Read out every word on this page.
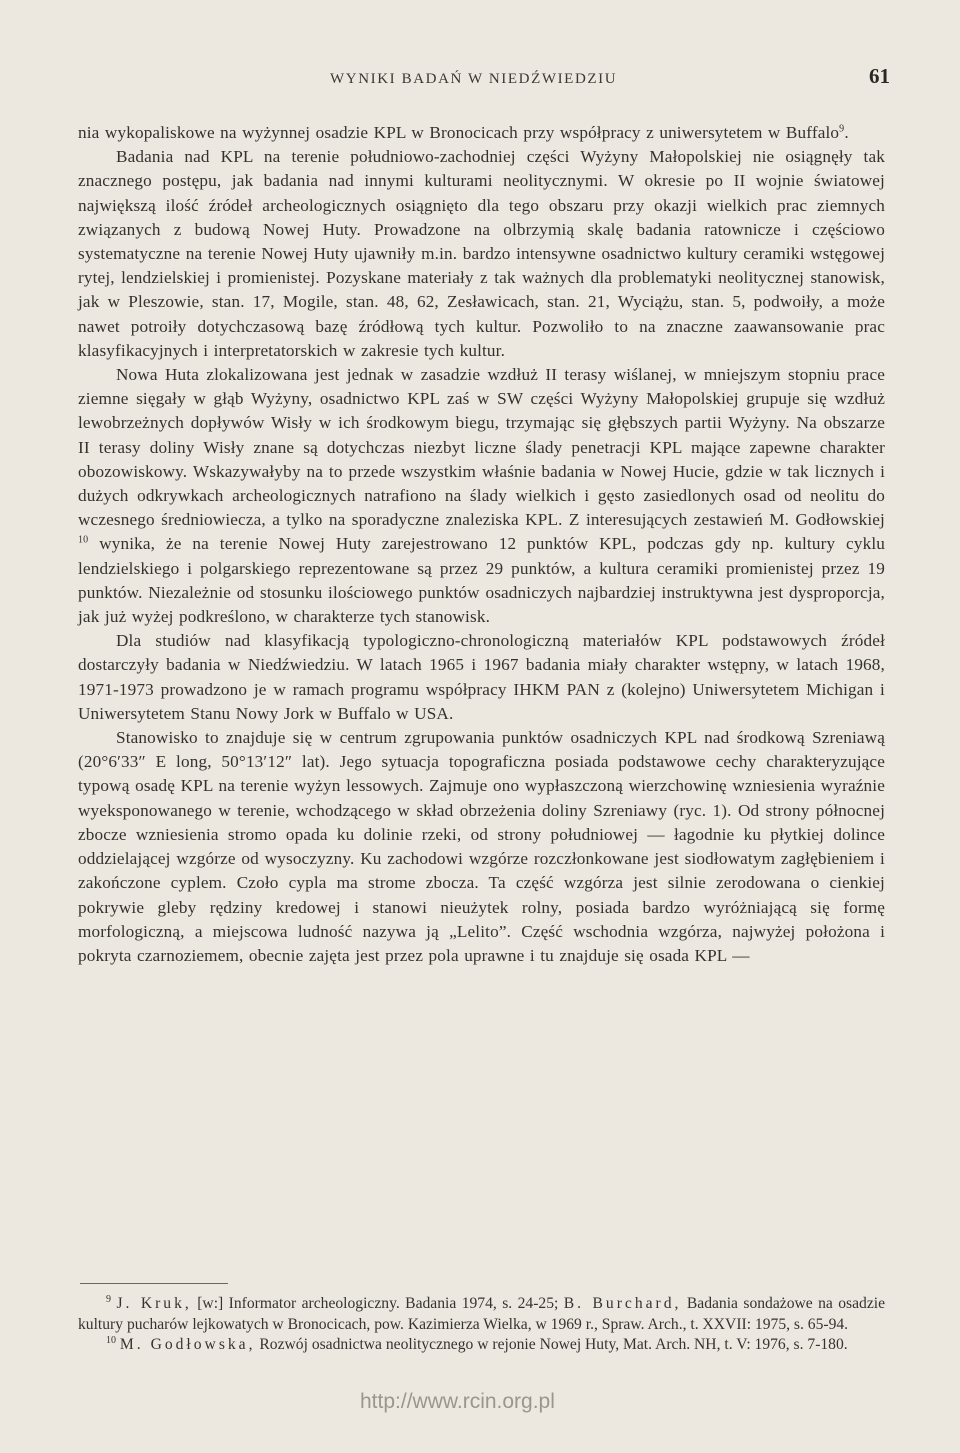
WYNIKI BADAŃ W NIEDŹWIEDZIU	61

nia wykopaliskowe na wyżynnej osadzie KPL w Bronocicach przy współpracy z uniwersytetem w Buffalo$^9$.

Badania nad KPL na terenie południowo-zachodniej części Wyżyny Małopolskiej nie osiągnęły tak znacznego postępu, jak badania nad innymi kulturami neolitycznymi. W okresie po II wojnie światowej największą ilość źródeł archeologicznych osiągnięto dla tego obszaru przy okazji wielkich prac ziemnych związanych z budową Nowej Huty. Prowadzone na olbrzymią skalę badania ratownicze i częściowo systematyczne na terenie Nowej Huty ujawniły m.in. bardzo intensywne osadnictwo kultury ceramiki wstęgowej rytej, lendzielskiej i promienistej. Pozyskane materiały z tak ważnych dla problematyki neolitycznej stanowisk, jak w Pleszowie, stan. 17, Mogile, stan. 48, 62, Zesławicach, stan. 21, Wyciążu, stan. 5, podwoiły, a może nawet potroiły dotychczasową bazę źródłową tych kultur. Pozwoliło to na znaczne zaawansowanie prac klasyfikacyjnych i interpretatorskich w zakresie tych kultur.

Nowa Huta zlokalizowana jest jednak w zasadzie wzdłuż II terasy wiślanej, w mniejszym stopniu prace ziemne sięgały w głąb Wyżyny, osadnictwo KPL zaś w SW części Wyżyny Małopolskiej grupuje się wzdłuż lewobrzeżnych dopływów Wisły w ich środkowym biegu, trzymając się głębszych partii Wyżyny. Na obszarze II terasy doliny Wisły znane są dotychczas niezbyt liczne ślady penetracji KPL mające zapewne charakter obozowiskowy. Wskazywałyby na to przede wszystkim właśnie badania w Nowej Hucie, gdzie w tak licznych i dużych odkrywkach archeologicznych natrafiono na ślady wielkich i gęsto zasiedlonych osad od neolitu do wczesnego średniowiecza, a tylko na sporadyczne znaleziska KPL. Z interesujących zestawień M. Godłowskiej $^{10}$ wynika, że na terenie Nowej Huty zarejestrowano 12 punktów KPL, podczas gdy np. kultury cyklu lendzielskiego i polgarskiego reprezentowane są przez 29 punktów, a kultura ceramiki promienistej przez 19 punktów. Niezależnie od stosunku ilościowego punktów osadniczych najbardziej instruktywna jest dysproporcja, jak już wyżej podkreślono, w charakterze tych stanowisk.

Dla studiów nad klasyfikacją typologiczno-chronologiczną materiałów KPL podstawowych źródeł dostarczyły badania w Niedźwiedziu. W latach 1965 i 1967 badania miały charakter wstępny, w latach 1968, 1971-1973 prowadzono je w ramach programu współpracy IHKM PAN z (kolejno) Uniwersytetem Michigan i Uniwersytetem Stanu Nowy Jork w Buffalo w USA.

Stanowisko to znajduje się w centrum zgrupowania punktów osadniczych KPL nad środkową Szreniawą (20°6′33″ E long, 50°13′12″ lat). Jego sytuacja topograficzna posiada podstawowe cechy charakteryzujące typową osadę KPL na terenie wyżyn lessowych. Zajmuje ono wypłaszczoną wierzchowinę wzniesienia wyraźnie wyeksponowanego w terenie, wchodzącego w skład obrzeżenia doliny Szreniawy (ryc. 1). Od strony północnej zbocze wzniesienia stromo opada ku dolinie rzeki, od strony południowej — łagodnie ku płytkiej dolince oddzielającej wzgórze od wysoczyzny. Ku zachodowi wzgórze rozczłonkowane jest siodłowatym zagłębieniem i zakończone cyplem. Czoło cypla ma strome zbocza. Ta część wzgórza jest silnie zerodowana o cienkiej pokrywie gleby rędziny kredowej i stanowi nieużytek rolny, posiada bardzo wyróżniającą się formę morfologiczną, a miejscowa ludność nazywa ją „Lelito”. Część wschodnia wzgórza, najwyżej położona i pokryta czarnoziemem, obecnie zajęta jest przez pola uprawne i tu znajduje się osada KPL —

$^9$ J. Kruk, [w:] Informator archeologiczny. Badania 1974, s. 24-25; B. Burchard, Badania sondażowe na osadzie kultury pucharów lejkowatych w Bronocicach, pow. Kazimierza Wielka, w 1969 r., Spraw. Arch., t. XXVII: 1975, s. 65-94.

$^{10}$ M. Godłowska, Rozwój osadnictwa neolitycznego w rejonie Nowej Huty, Mat. Arch. NH, t. V: 1976, s. 7-180.

http://www.rcin.org.pl
